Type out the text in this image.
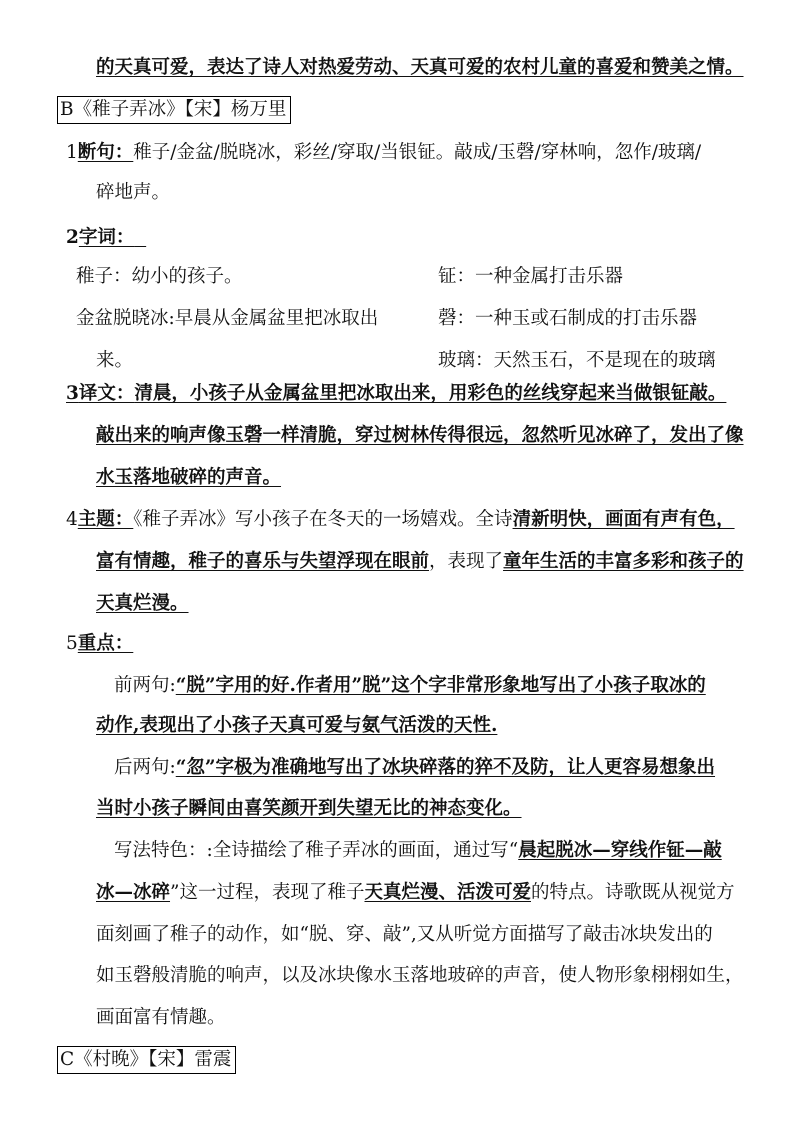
的天真可爱，表达了诗人对热爱劳动、天真可爱的农村儿童的喜爱和赞美之情。
B《稚子弄冰》【宋】杨万里
1断句：稚子/金盆/脱晓冰，彩丝/穿取/当银钲。敲成/玉磬/穿林响，忽作/玻璃/
碎地声。
2字词：
稚子：幼小的孩子。
金盆脱晓冰:早晨从金属盆里把冰取出
来。
钲：一种金属打击乐器
磬：一种玉或石制成的打击乐器
玻璃：天然玉石，不是现在的玻璃
3译文：清晨，小孩子从金属盆里把冰取出来，用彩色的丝线穿起来当做银钲敲。
敲出来的响声像玉磬一样清脆，穿过树林传得很远，忽然听见冰碎了，发出了像
水玉落地破碎的声音。
4主题：《稚子弄冰》写小孩子在冬天的一场嬉戏。全诗清新明快，画面有声有色，
富有情趣，稚子的喜乐与失望浮现在眼前，表现了童年生活的丰富多彩和孩子的
天真烂漫。
5重点：
前两句:“脱”字用的好.作者用”脱”这个字非常形象地写出了小孩子取冰的
动作,表现出了小孩子天真可爱与氨气活泼的天性.
后两句:“忽”字极为准确地写出了冰块碎落的猝不及防，让人更容易想象出
当时小孩子瞬间由喜笑颜开到失望无比的神态变化。
写法特色：:全诗描绘了稚子弄冰的画面，通过写“晨起脱冰—穿线作钲—敲
冰—冰碎”这一过程，表现了稚子天真烂漫、活泼可爱的特点。诗歌既从视觉方
面刻画了稚子的动作，如“脱、穿、敲”,又从听觉方面描写了敲击冰块发出的
如玉磬般清脆的响声，以及冰块像水玉落地玻碎的声音，使人物形象栩栩如生，
画面富有情趣。
C《村晚》【宋】雷震
